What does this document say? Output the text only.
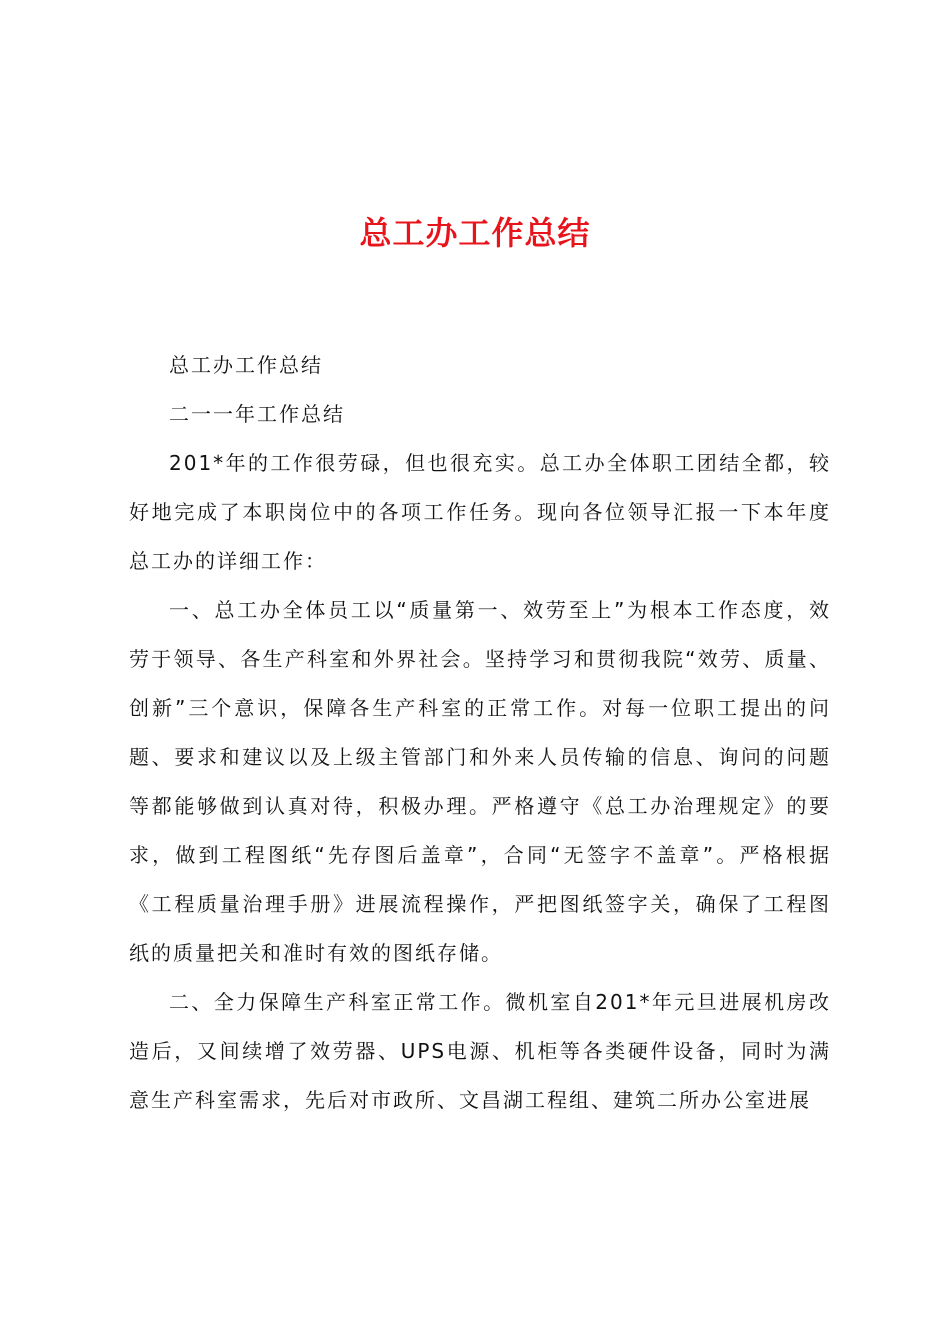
总工办工作总结

总工办工作总结

二一一年工作总结

201*年的工作很劳碌，但也很充实。总工办全体职工团结全都，较好地完成了本职岗位中的各项工作任务。现向各位领导汇报一下本年度总工办的详细工作：

一、总工办全体员工以“质量第一、效劳至上”为根本工作态度，效劳于领导、各生产科室和外界社会。坚持学习和贯彻我院“效劳、质量、创新”三个意识，保障各生产科室的正常工作。对每一位职工提出的问题、要求和建议以及上级主管部门和外来人员传输的信息、询问的问题等都能够做到认真对待，积极办理。严格遵守《总工办治理规定》的要求，做到工程图纸“先存图后盖章”，合同“无签字不盖章”。严格根据《工程质量治理手册》进展流程操作，严把图纸签字关，确保了工程图纸的质量把关和准时有效的图纸存储。

二、全力保障生产科室正常工作。微机室自201*年元旦进展机房改造后，又间续增了效劳器、UPS电源、机柜等各类硬件设备，同时为满意生产科室需求，先后对市政所、文昌湖工程组、建筑二所办公室进展
